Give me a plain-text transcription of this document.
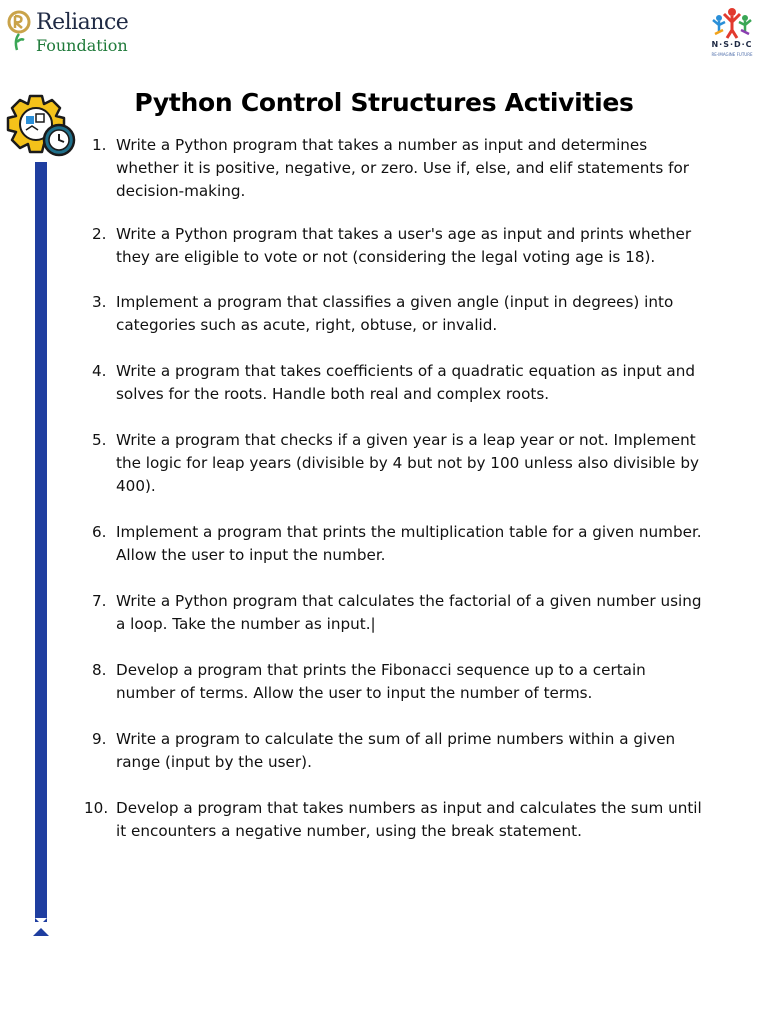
Reliance
Foundation	N·S·D·C
RE-IMAGINE FUTURE
Python Control Structures Activities
1. Write a Python program that takes a number as input and determines whether it is positive, negative, or zero. Use if, else, and elif statements for decision-making.
2. Write a Python program that takes a user's age as input and prints whether they are eligible to vote or not (considering the legal voting age is 18).
3. Implement a program that classifies a given angle (input in degrees) into categories such as acute, right, obtuse, or invalid.
4. Write a program that takes coefficients of a quadratic equation as input and solves for the roots. Handle both real and complex roots.
5. Write a program that checks if a given year is a leap year or not. Implement the logic for leap years (divisible by 4 but not by 100 unless also divisible by 400).
6. Implement a program that prints the multiplication table for a given number. Allow the user to input the number.
7. Write a Python program that calculates the factorial of a given number using a loop. Take the number as input.|
8. Develop a program that prints the Fibonacci sequence up to a certain number of terms. Allow the user to input the number of terms.
9. Write a program to calculate the sum of all prime numbers within a given range (input by the user).
10. Develop a program that takes numbers as input and calculates the sum until it encounters a negative number, using the break statement.
